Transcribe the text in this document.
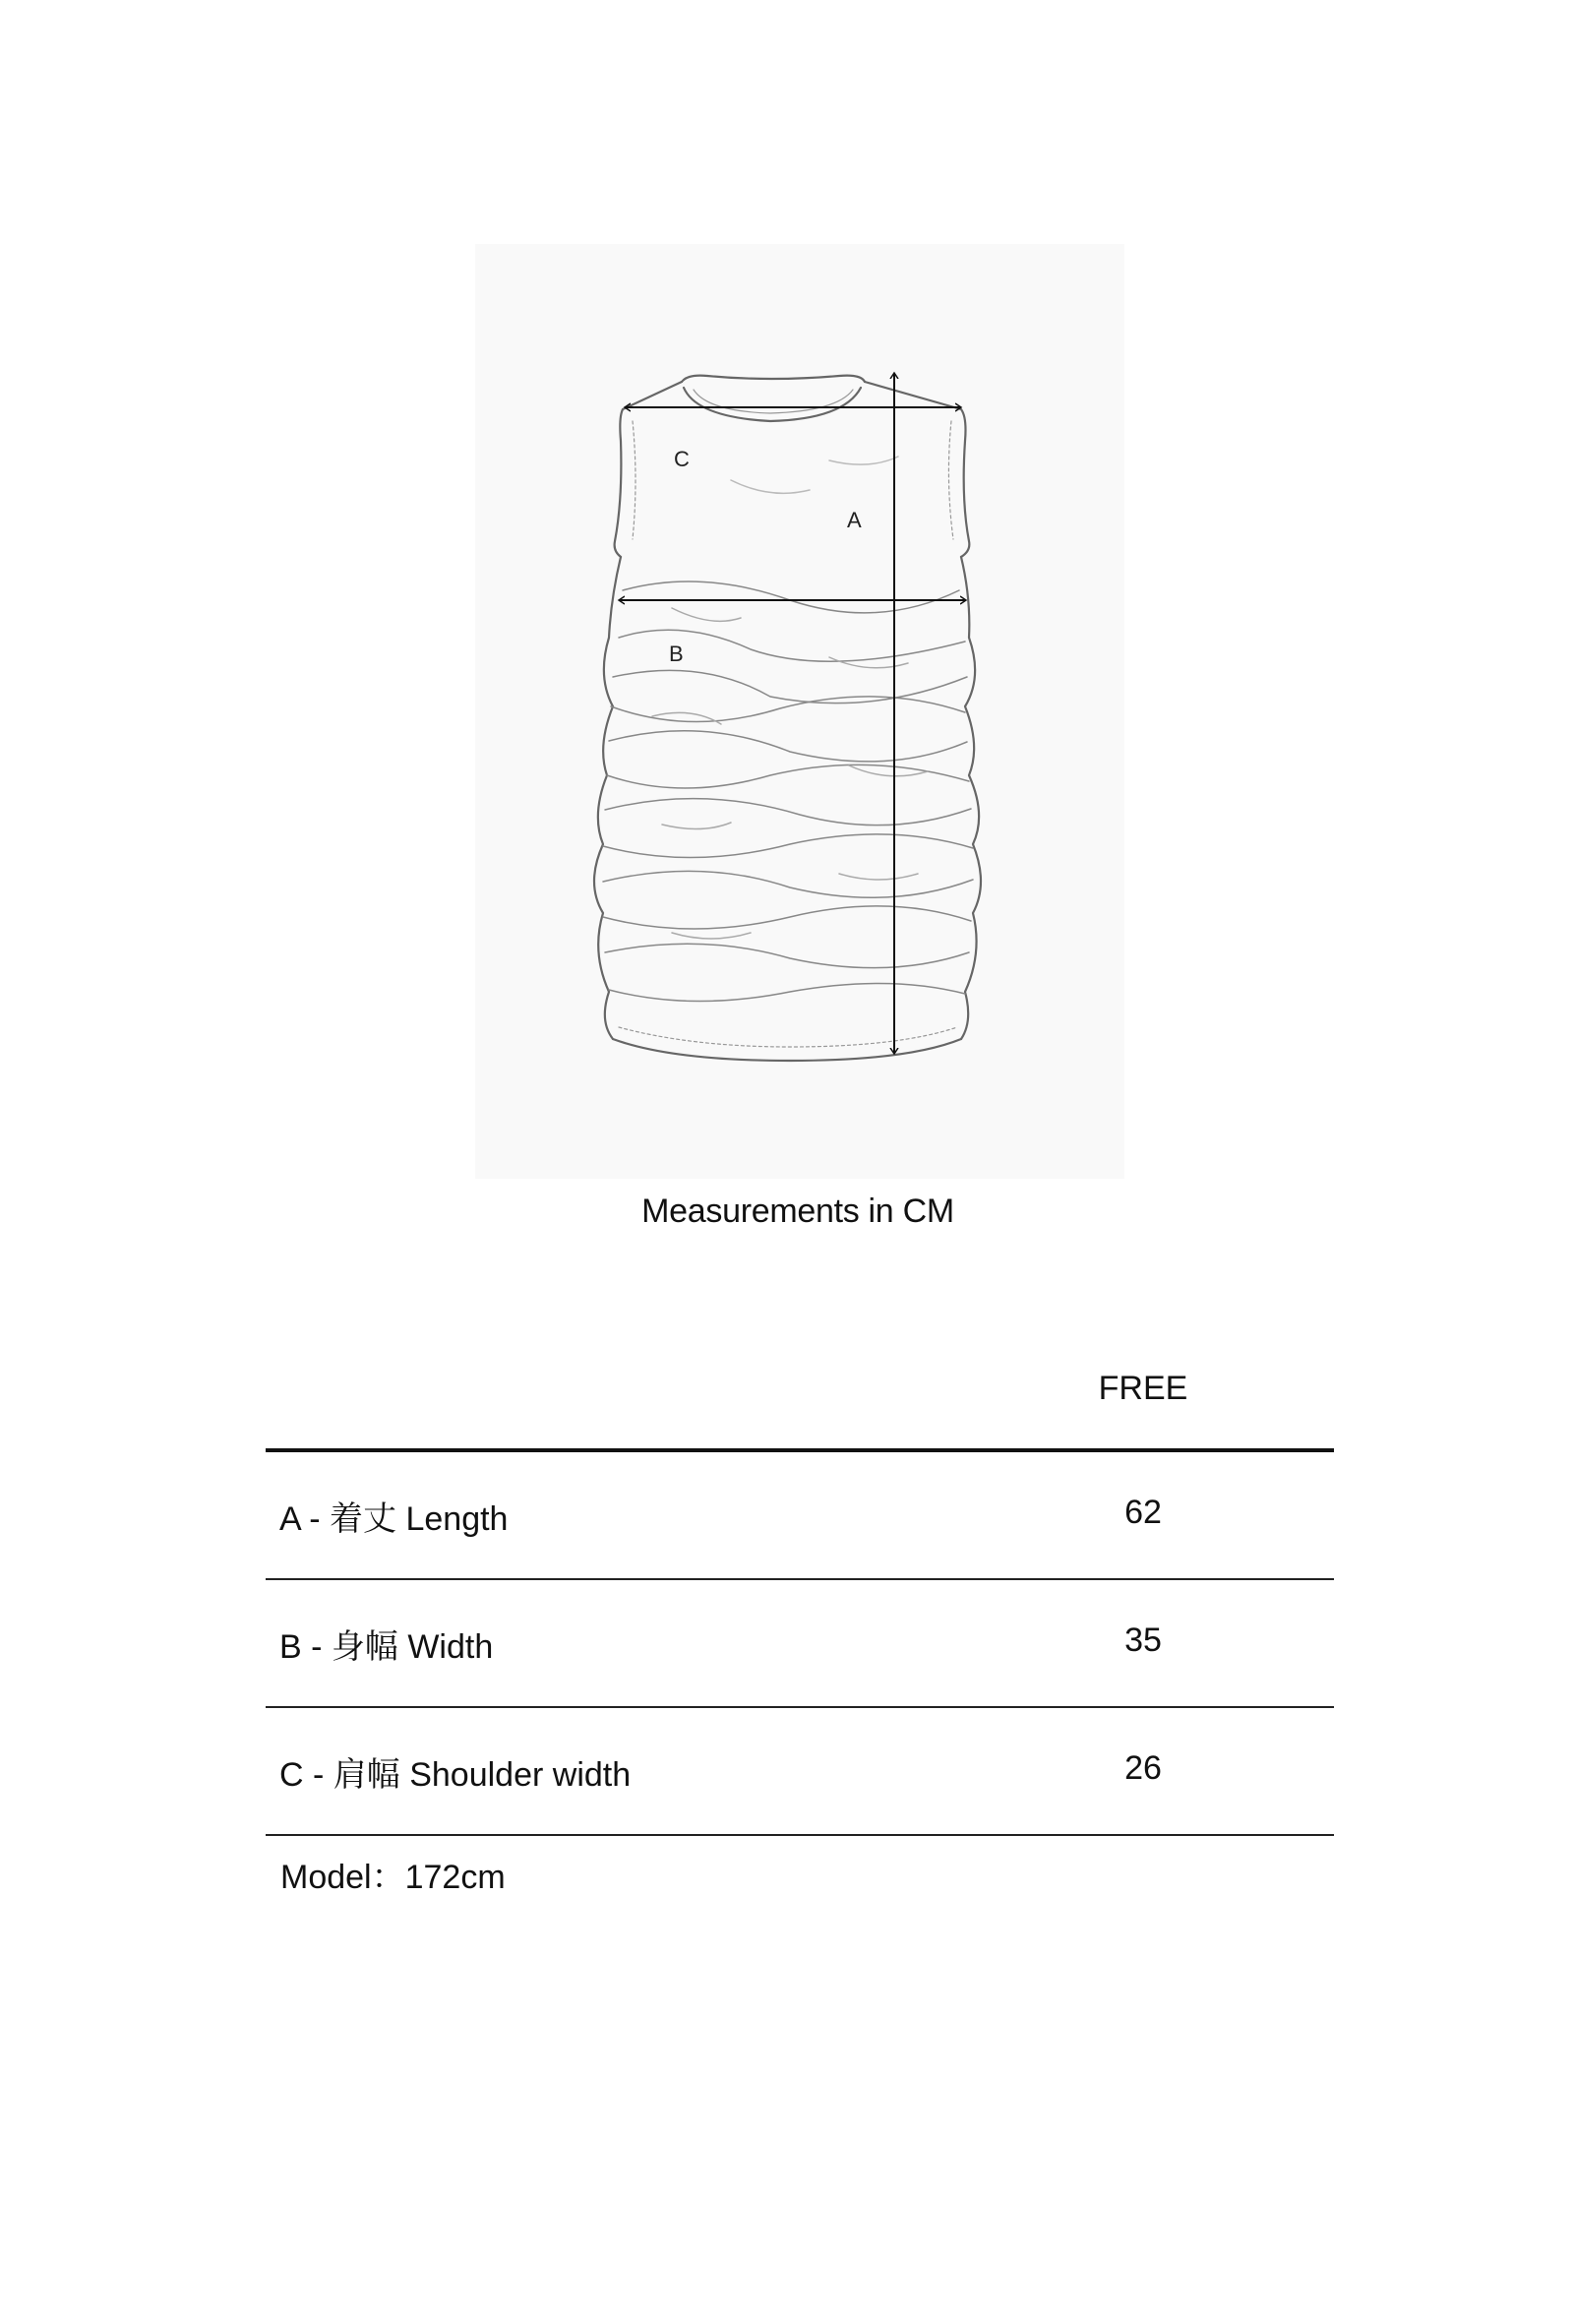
C
A
B
Measurements in CM
FREE
A - 着丈 Length	62
B - 身幅 Width	35
C - 肩幅 Shoulder width	26
Model：172cm
